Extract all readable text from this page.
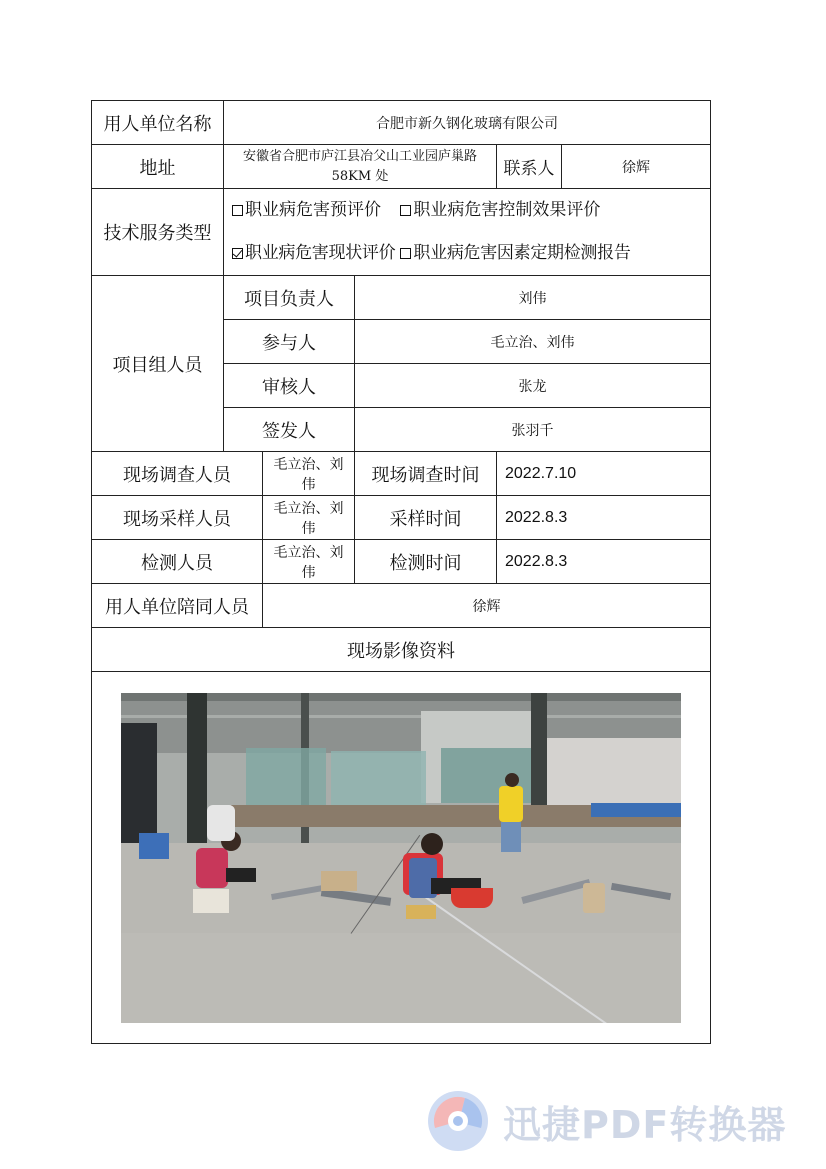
用人单位名称	合肥市新久钢化玻璃有限公司				
地址	安徽省合肥市庐江县冶父山工业园庐巢路 58KM 处			联系人	徐辉
技术服务类型	职业病危害预评价
职业病危害控制效果评价
职业病危害现状评价
职业病危害因素定期检测报告				

项目组人员	项目负责人		刘伟		
	参与人		毛立治、刘伟		
	审核人		张龙		
	签发人		张羽千		
现场调查人员		毛立治、刘伟	现场调查时间	2022.7.10	
现场采样人员		毛立治、刘伟	采样时间	2022.8.3	
检测人员		毛立治、刘伟	检测时间	2022.8.3	
用人单位陪同人员		徐辉			
现场影像资料					

迅捷PDF转换器
